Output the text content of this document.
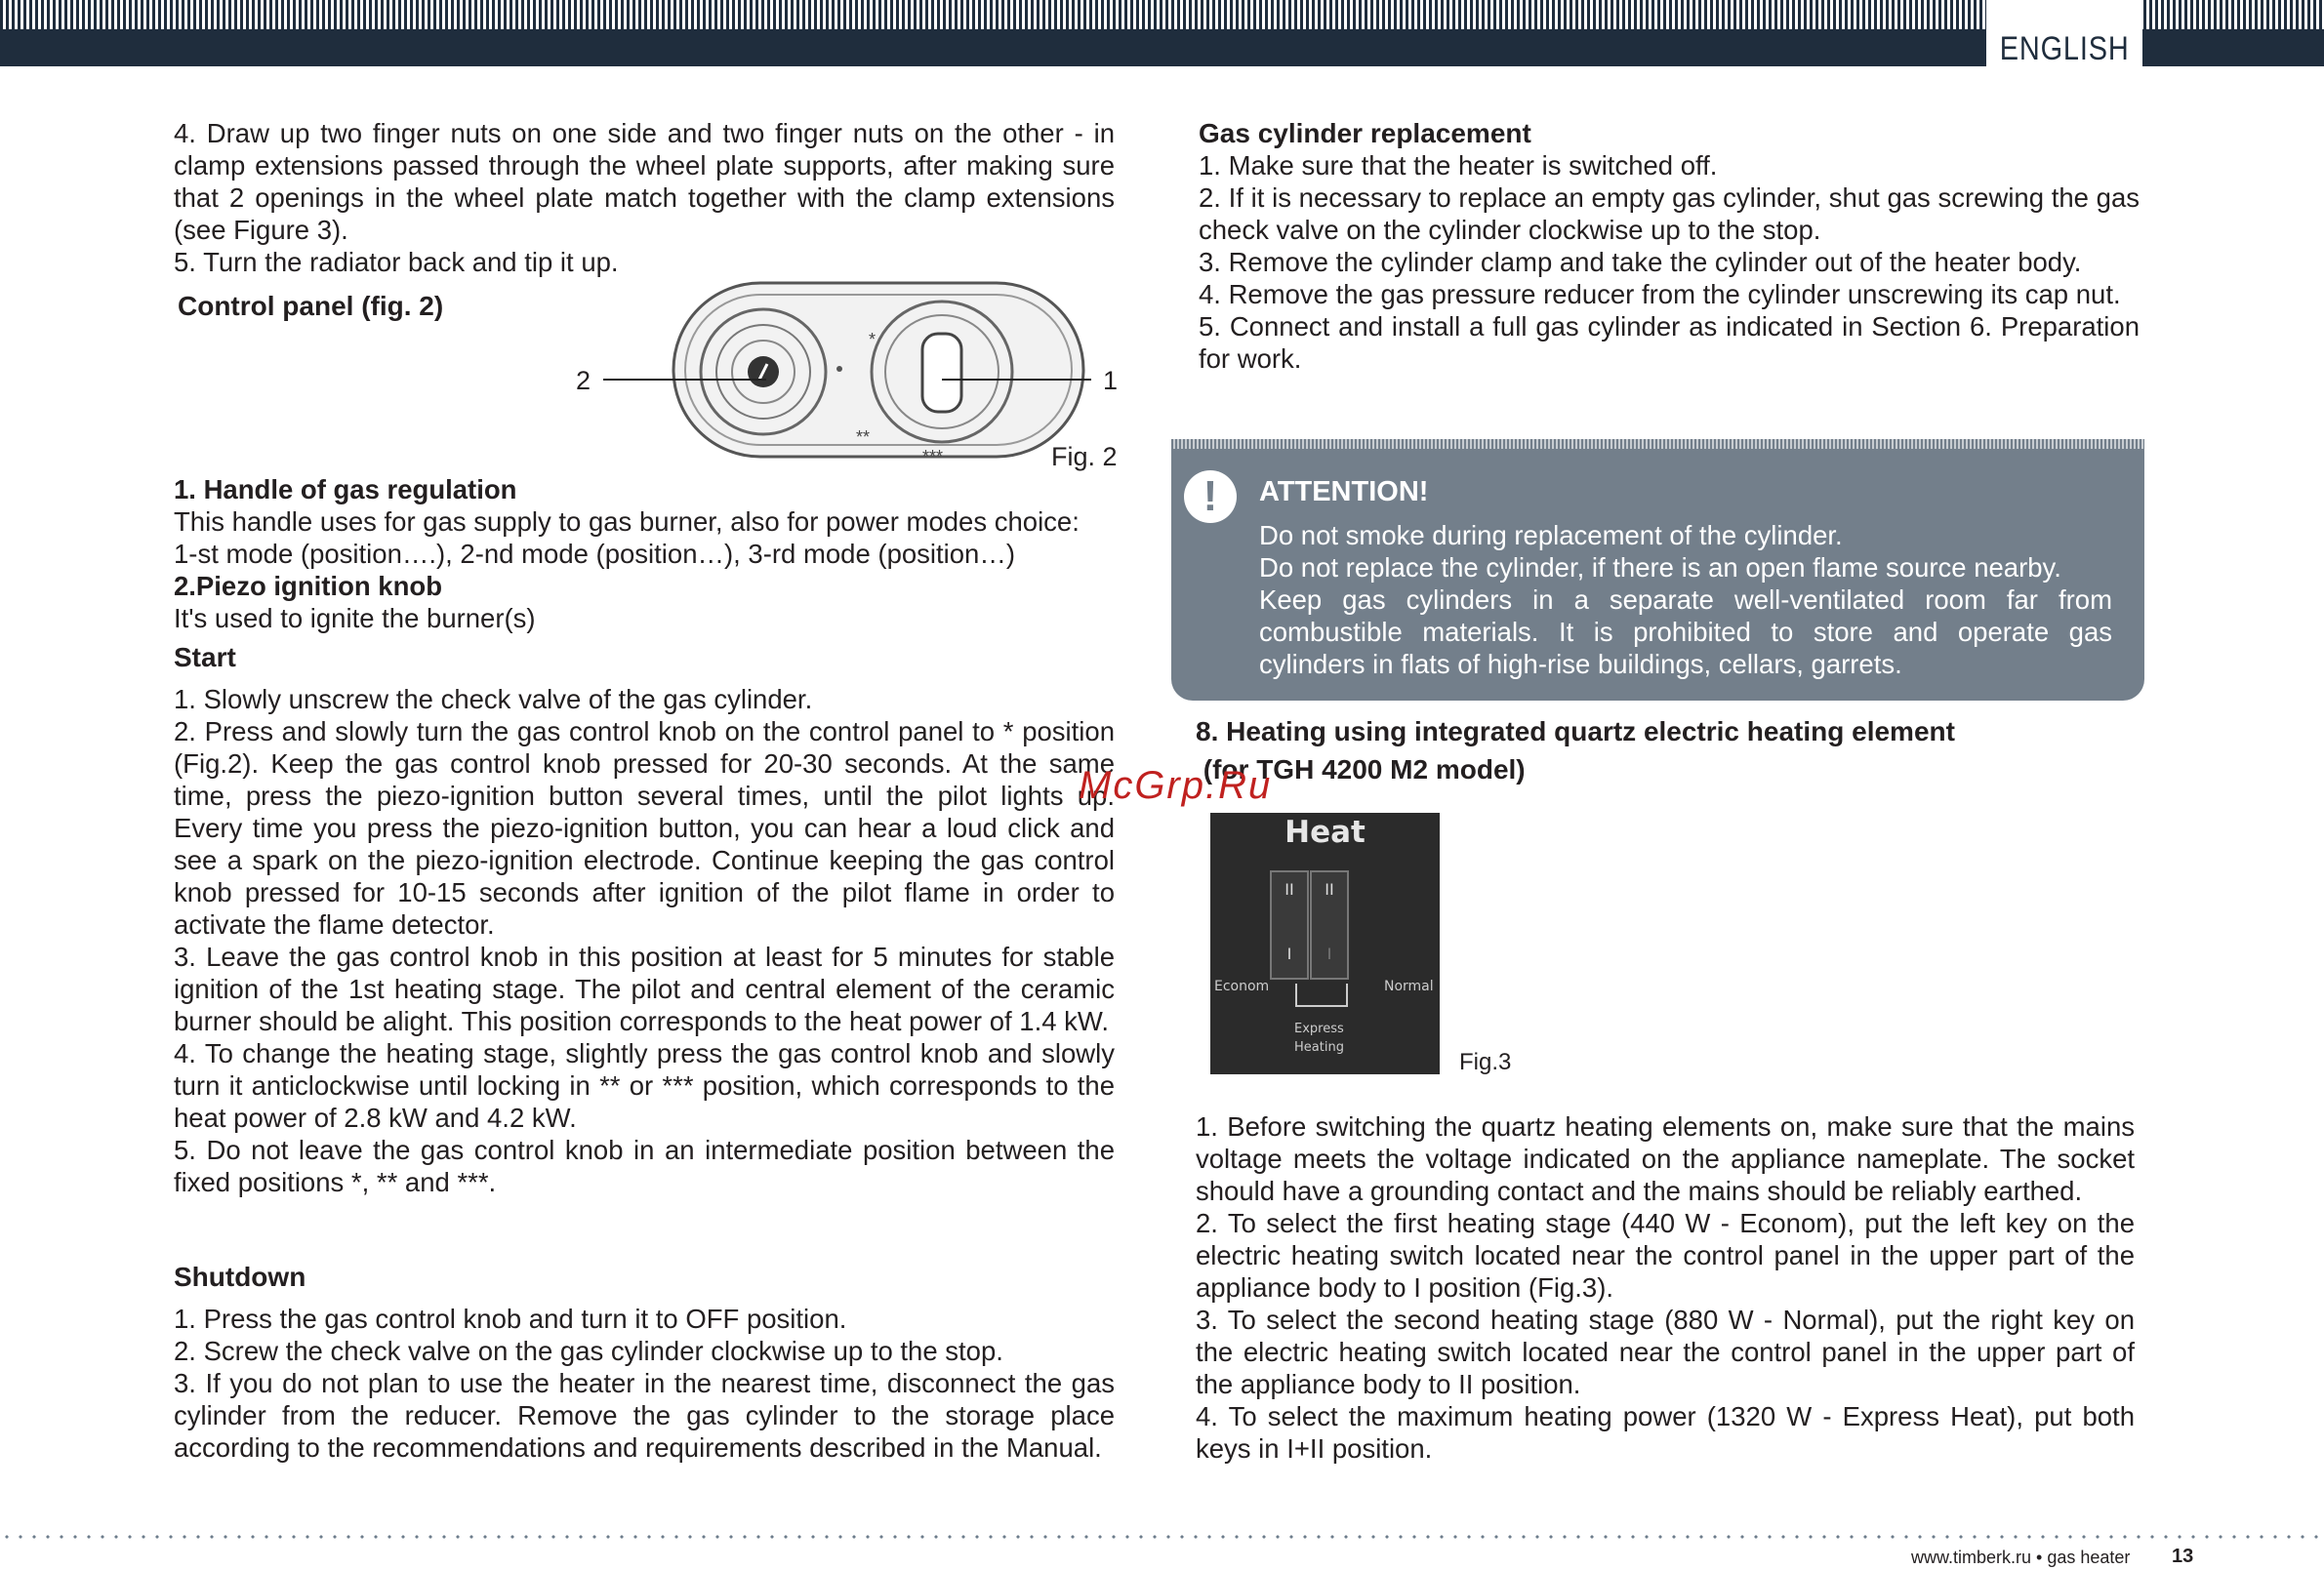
ENGLISH

4. Draw up two finger nuts on one side and two finger nuts on the other - in clamp extensions passed through the wheel plate supports, after making sure that 2 openings in the wheel plate match together with the clamp extensions (see Figure 3).

5. Turn the radiator back and tip it up.

Control panel (fig. 2)

**
***
*
2	1
Fig. 2

1. Handle of gas regulation

This handle uses for gas supply to gas burner, also for power modes choice:

1-st mode (position….), 2-nd mode (position…), 3-rd mode (position…)

2.Piezo ignition knob

It's used to ignite the burner(s)

Start

1. Slowly unscrew the check valve of the gas cylinder.

2. Press and slowly turn the gas control knob on the control panel to * position (Fig.2). Keep the gas control knob pressed for 20-30 seconds. At the same time, press the piezo-ignition button several times, until the pilot lights up. Every time you press the piezo-ignition button, you can hear a loud click and see a spark on the piezo-ignition electrode. Continue keeping the gas control knob pressed for 10-15 seconds after ignition of the pilot flame in order to activate the flame detector.

3. Leave the gas control knob in this position at least for 5 minutes for stable ignition of the 1st heating stage. The pilot and central element of the ceramic burner should be alight. This position corresponds to the heat power of 1.4 kW.

4. To change the heating stage, slightly press the gas control knob and slowly turn it anticlockwise until locking in ** or *** position, which corresponds to the heat power of 2.8 kW and 4.2 kW.

5. Do not leave the gas control knob in an intermediate position between the fixed positions *, ** and ***.

Shutdown

1. Press the gas control knob and turn it to OFF position.

2. Screw the check valve on the gas cylinder clockwise up to the stop.

3. If you do not plan to use the heater in the nearest time, disconnect the gas cylinder from the reducer. Remove the gas cylinder to the storage place according to the recommendations and requirements described in the Manual.

Gas cylinder replacement

1. Make sure that the heater is switched off.

2. If it is necessary to replace an empty gas cylinder, shut gas screwing the gas check valve on the cylinder clockwise up to the stop.

3. Remove the cylinder clamp and take the cylinder out of the heater body.

4. Remove the gas pressure reducer from the cylinder unscrewing its cap nut.

5. Connect and install a full gas cylinder as indicated in Section 6. Preparation for work.

!	ATTENTION!

Do not smoke during replacement of the cylinder.

Do not replace the cylinder, if there is an open flame source nearby.

Keep gas cylinders in a separate well-ventilated room far from combustible materials. It is prohibited to store and operate gas cylinders in flats of high-rise buildings, cellars, garrets.

8. Heating using integrated quartz electric heating element

(for TGH 4200 M2 model)

McGrp.Ru
Heat
II II
I I
Econom	Normal
Express
Heating
Fig.3

1. Before switching the quartz heating elements on, make sure that the mains voltage meets the voltage indicated on the appliance nameplate. The socket should have a grounding contact and the mains should be reliably earthed.

2. To select the first heating stage (440 W - Econom), put the left key on the electric heating switch located near the control panel in the upper part of the appliance body to I position (Fig.3).

3. To select the second heating stage (880 W - Normal), put the right key on the electric heating switch located near the control panel in the upper part of the appliance body to II position.

4. To select the maximum heating power (1320 W - Express Heat), put both keys in I+II position.

www.timberk.ru • gas heater 13
